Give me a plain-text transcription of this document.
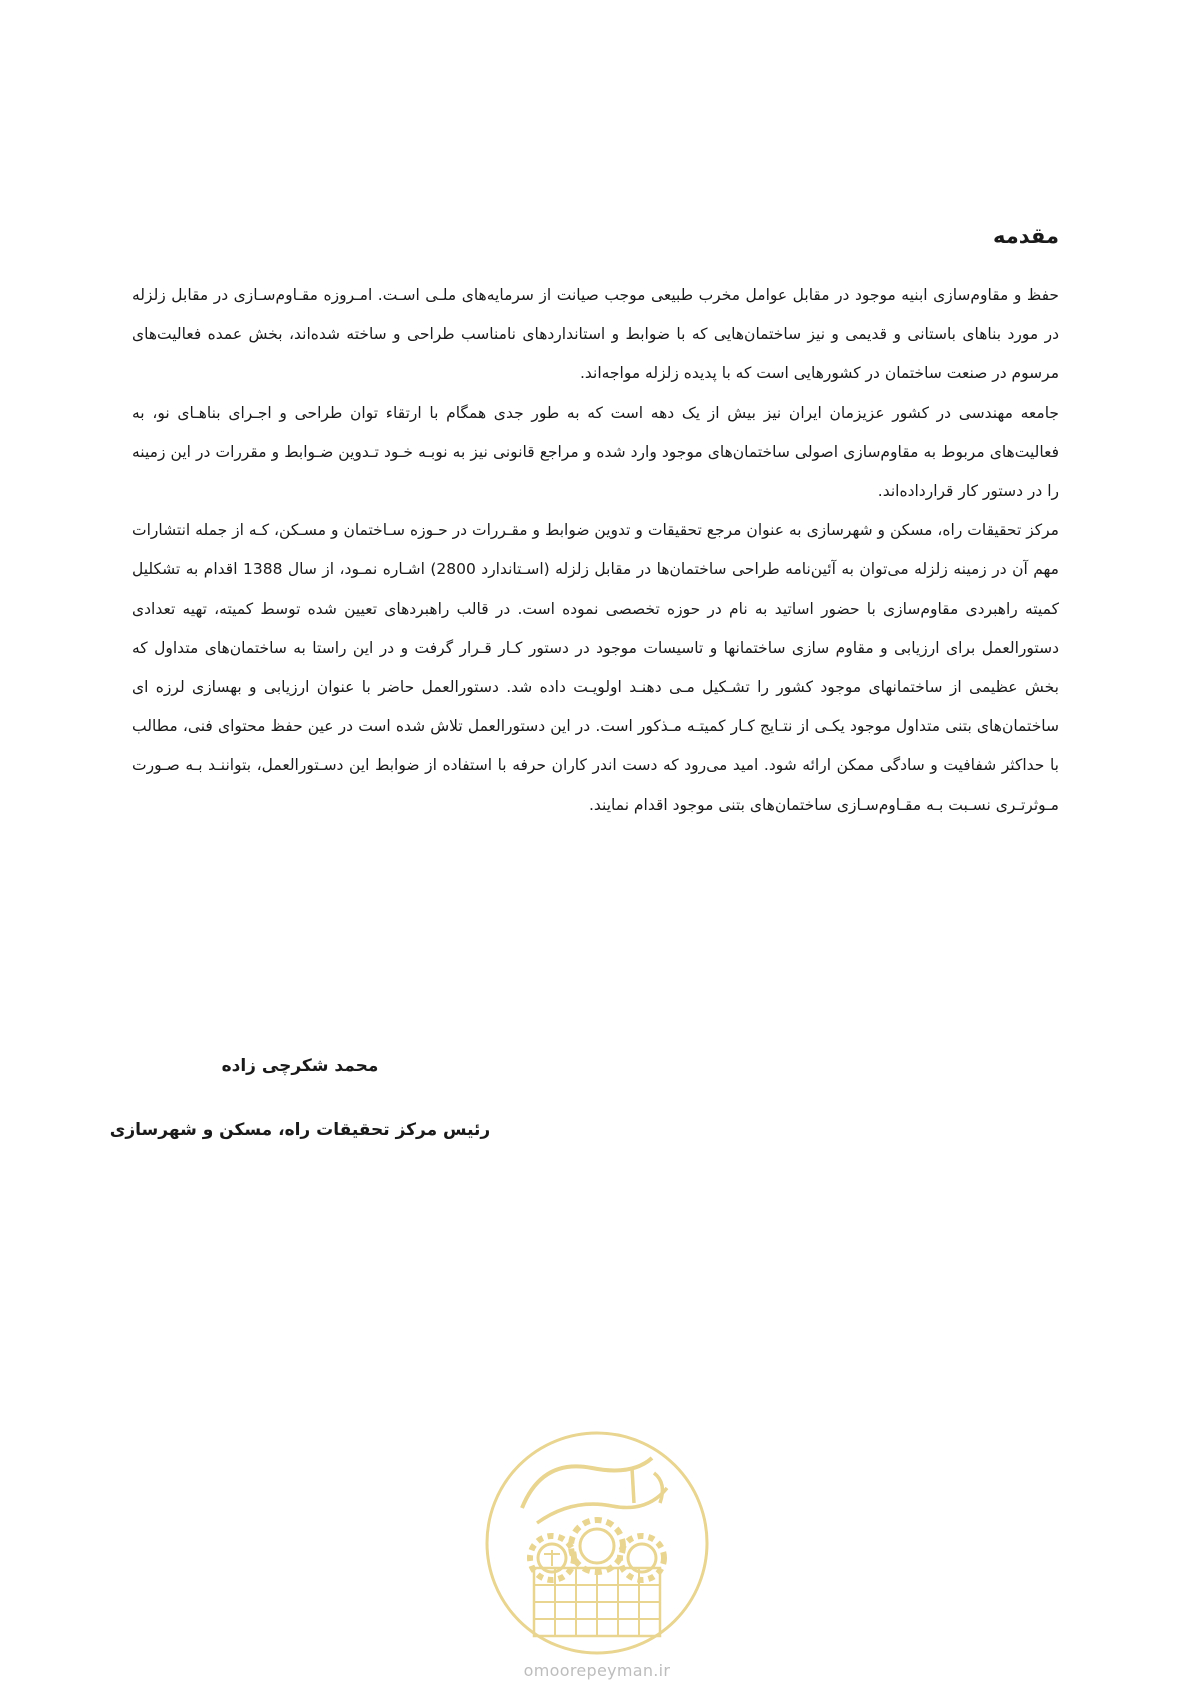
مقدمه

حفظ و مقاوم‌سازی ابنیه موجود در مقابل عوامل مخرب طبیعی موجب صیانت از سرمایه‌های ملـی اسـت. امـروزه مقـاوم‌سـازی در مقابل زلزله در مورد بناهای باستانی و قدیمی و نیز ساختمان‌هایی که با ضوابط و استانداردهای نامناسب طراحی و ساخته شده‌اند، بخش عمده فعالیت‌های مرسوم در صنعت ساختمان در کشورهایی است که با پدیده زلزله مواجه‌اند.

جامعه مهندسی در کشور عزیزمان ایران نیز بیش از یک دهه است که به طور جدی همگام با ارتقاء توان طراحی و اجـرای بناهـای نو، به فعالیت‌های مربوط به مقاوم‌سازی اصولی ساختمان‌های موجود وارد شده و مراجع قانونی نیز به نوبـه خـود تـدوین ضـوابط و مقررات در این زمینه را در دستور کار قرارداده‌اند.

مرکز تحقیقات راه، مسکن و شهرسازی به عنوان مرجع تحقیقات و تدوین ضوابط و مقـررات در حـوزه سـاختمان و مسـکن، کـه از جمله انتشارات مهم آن در زمینه زلزله می‌توان به آئین‌نامه طراحی ساختمان‌ها در مقابل زلزله (اسـتاندارد 2800) اشـاره نمـود، از سال 1388 اقدام به تشکلیل کمیته راهبردی مقاوم‌سازی با حضور اساتید به نام در حوزه تخصصی نموده است. در قالب راهبردهای تعیین شده توسط کمیته، تهیه تعدادی دستورالعمل برای ارزیابی و مقاوم سازی ساختمانها و تاسیسات موجود در دستور کـار قـرار گرفت و در این راستا به ساختمان‌های متداول که بخش عظیمی از ساختمانهای موجود کشور را تشـکیل مـی دهنـد اولویـت داده شد. دستورالعمل حاضر با عنوان ارزیابی و بهسازی لرزه ای ساختمان‌های بتنی متداول موجود یکـی از نتـایج کـار کمیتـه مـذکور است. در این دستورالعمل تلاش شده است در عین حفظ محتوای فنی، مطالب با حداکثر شفافیت و سادگی ممکن ارائه شود. امید می‌رود که دست اندر کاران حرفه با استفاده از ضوابط این دسـتورالعمل، بتواننـد بـه صـورت مـوثرتـری نسـبت بـه مقـاوم‌سـازی ساختمان‌های بتنی موجود اقدام نمایند.

محمد شکرچی زاده

رئیس مرکز تحقیقات راه، مسکن و شهرسازی

omoorepeyman.ir
